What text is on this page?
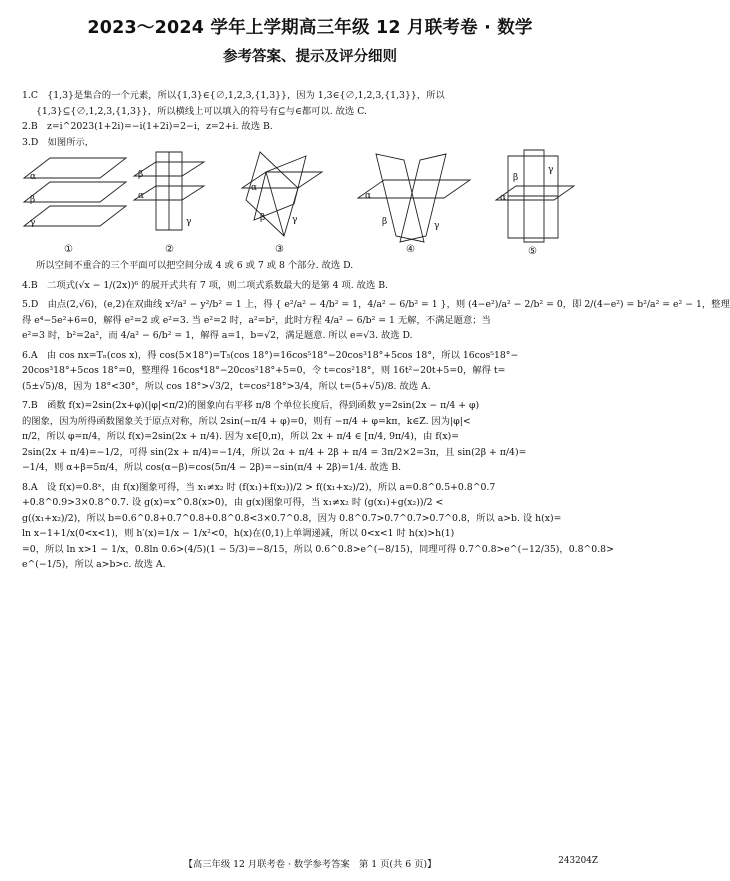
2023～2024 学年上学期高三年级 12 月联考卷 · 数学
参考答案、提示及评分细则

1.C　{1,3}是集合的一个元素，所以{1,3}∈{∅,1,2,3,{1,3}}，因为 1,3∈{∅,1,2,3,{1,3}}，所以

{1,3}⊆{∅,1,2,3,{1,3}}，所以横线上可以填入的符号有⊆与∈都可以. 故选 C.

2.B　z=i^2023(1+2i)=−i(1+2i)=2−i，z=2+i. 故选 B.

3.D　如图所示，

α
β
γ
①
α
β
γ
②
α
β	γ
③
α
β	γ
④
α
β
γ
⑤

所以空间不重合的三个平面可以把空间分成 4 或 6 或 7 或 8 个部分. 故选 D.

4.B　二项式(√x − 1/(2x))⁶ 的展开式共有 7 项，则二项式系数最大的是第 4 项. 故选 B.

5.D　由点(2,√6)，(e,2)在双曲线 x²/a² − y²/b² = 1 上，得 { e²/a² − 4/b² = 1，4/a² − 6/b² = 1 }，则 (4−e²)/a² − 2/b² = 0，即 2/(4−e²) = b²/a² = e² − 1，整理

得 e⁴−5e²+6=0，解得 e²=2 或 e²=3. 当 e²=2 时，a²=b²，此时方程 4/a² − 6/b² = 1 无解，不满足题意；当

e²=3 时，b²=2a²，而 4/a² − 6/b² = 1，解得 a=1，b=√2，满足题意. 所以 e=√3. 故选 D.

6.A　由 cos nx=Tₙ(cos x)，得 cos(5×18°)=T₅(cos 18°)=16cos⁵18°−20cos³18°+5cos 18°，所以 16cos⁵18°−

20cos³18°+5cos 18°=0，整理得 16cos⁴18°−20cos²18°+5=0，令 t=cos²18°，则 16t²−20t+5=0，解得 t=

(5±√5)/8，因为 18°<30°，所以 cos 18°>√3/2，t=cos²18°>3/4，所以 t=(5+√5)/8. 故选 A.

7.B　函数 f(x)=2sin(2x+φ)(|φ|<π/2)的图象向右平移 π/8 个单位长度后，得到函数 y=2sin(2x − π/4 + φ)

的图象，因为所得函数图象关于原点对称，所以 2sin(−π/4 + φ)=0，则有 −π/4 + φ=kπ，k∈Z. 因为|φ|<

π/2，所以 φ=π/4，所以 f(x)=2sin(2x + π/4). 因为 x∈[0,π)，所以 2x + π/4 ∈ [π/4, 9π/4)，由 f(x)=

2sin(2x + π/4)=−1/2，可得 sin(2x + π/4)=−1/4，所以 2α + π/4 + 2β + π/4 = 3π/2×2=3π，且 sin(2β + π/4)=

−1/4，则 α+β=5π/4，所以 cos(α−β)=cos(5π/4 − 2β)=−sin(π/4 + 2β)=1/4. 故选 B.

8.A　设 f(x)=0.8ˣ，由 f(x)图象可得，当 x₁≠x₂ 时 (f(x₁)+f(x₂))/2 > f((x₁+x₂)/2)，所以 a=0.8^0.5+0.8^0.7

+0.8^0.9>3×0.8^0.7. 设 g(x)=x^0.8(x>0)，由 g(x)图象可得，当 x₁≠x₂ 时 (g(x₁)+g(x₂))/2 <

g((x₁+x₂)/2)，所以 b=0.6^0.8+0.7^0.8+0.8^0.8<3×0.7^0.8，因为 0.8^0.7>0.7^0.7>0.7^0.8，所以 a>b. 设 h(x)=

ln x−1+1/x(0<x<1)，则 h′(x)=1/x − 1/x²<0，h(x)在(0,1)上单调递减，所以 0<x<1 时 h(x)>h(1)

=0，所以 ln x>1 − 1/x，0.8ln 0.6>(4/5)(1 − 5/3)=−8/15，所以 0.6^0.8>e^(−8/15)，同理可得 0.7^0.8>e^(−12/35)，0.8^0.8>

e^(−1/5)，所以 a>b>c. 故选 A.

【高三年级 12 月联考卷 · 数学参考答案　第 1 页(共 6 页)】	243204Z
